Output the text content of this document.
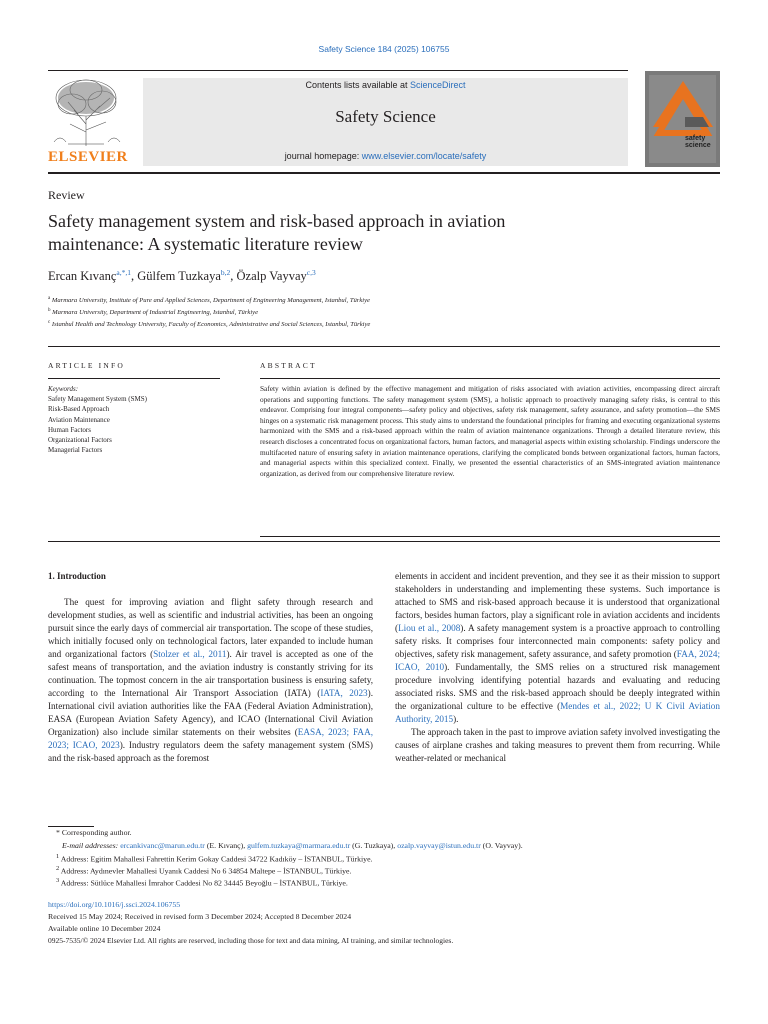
Safety Science 184 (2025) 106755
ELSEVIER
Contents lists available at ScienceDirect
Safety Science
journal homepage: www.elsevier.com/locate/safety
safety science
Review
Safety management system and risk-based approach in aviation
maintenance: A systematic literature review
Ercan Kıvanç$^{a,*,1}$, Gülfem Tuzkaya$^{b,2}$, Özalp Vayvay$^{c,3}$
$^a$ Marmara University, Institute of Pure and Applied Sciences, Department of Engineering Management, Istanbul, Türkiye
$^b$ Marmara University, Department of Industrial Engineering, Istanbul, Türkiye
$^c$ Istanbul Health and Technology University, Faculty of Economics, Administrative and Social Sciences, Istanbul, Türkiye
ARTICLE INFO	ABSTRACT
Keywords:
Safety Management System (SMS)
Risk-Based Approach
Aviation Maintenance
Human Factors
Organizational Factors
Managerial Factors
Safety within aviation is defined by the effective management and mitigation of risks associated with aviation activities, encompassing direct aircraft operations and supporting functions. The safety management system (SMS), a holistic approach to proactively managing safety risks, is central to this endeavor. Comprising four integral components—safety policy and objectives, safety risk management, safety assurance, and safety promotion—the SMS hinges on a systematic risk management process. This study aims to understand the foundational principles for framing and executing organizational systems harmonized with the SMS and a risk-based approach within the realm of aviation maintenance organizations. Through a detailed literature review, this research discloses a concentrated focus on organizational factors, human factors, and managerial aspects within existing scholarship. Findings underscore the multifaceted nature of ensuring safety in aviation maintenance operations, clarifying the complicated bonds between organizational factors, human factors, and managerial aspects within this specialized context. Finally, we presented the essential characteristics of an SMS-integrated aviation maintenance organization, as derived from our comprehensive literature review.

1. Introduction

The quest for improving aviation and flight safety through research and development studies, as well as scientific and industrial activities, has been an ongoing pursuit since the early days of commercial air transportation. The scope of these studies, which initially focused only on technological factors, later expanded to include human and organizational factors (Stolzer et al., 2011). Air travel is accepted as one of the safest means of transportation, and the aviation industry is constantly striving for its continuation. The topmost concern in the air transportation business is ensuring safety, according to the International Air Transport Association (IATA) (IATA, 2023). International civil aviation authorities like the FAA (Federal Aviation Administration), EASA (European Aviation Safety Agency), and ICAO (International Civil Aviation Organization) also include similar statements on their websites (EASA, 2023; FAA, 2023; ICAO, 2023). Industry regulators deem the safety management system (SMS) and the risk-based approach as the foremost

elements in accident and incident prevention, and they see it as their mission to support stakeholders in understanding and implementing these systems. Such importance is attached to SMS and risk-based approach because it is understood that organizational factors, besides human factors, play a significant role in aviation accidents and incidents (Liou et al., 2008). A safety management system is a proactive approach to controlling safety risks. It comprises four interconnected main components: safety policy and objectives, safety risk management, safety assurance, and safety promotion (FAA, 2024; ICAO, 2010). Fundamentally, the SMS relies on a structured risk management procedure involving identifying potential hazards and evaluating and reducing associated risks. SMS and the risk-based approach should be deeply integrated within the organizational culture to be effective (Mendes et al., 2022; U K Civil Aviation Authority, 2015).

The approach taken in the past to improve aviation safety involved investigating the causes of airplane crashes and taking measures to prevent them from recurring. While weather-related or mechanical

* Corresponding author.
E-mail addresses: ercankivanc@marun.edu.tr (E. Kıvanç), gulfem.tuzkaya@marmara.edu.tr (G. Tuzkaya), ozalp.vayvay@istun.edu.tr (O. Vayvay).
$^1$ Address: Egitim Mahallesi Fahrettin Kerim Gokay Caddesi 34722 Kadıköy – İSTANBUL, Türkiye.
$^2$ Address: Aydınevler Mahallesi Uyanık Caddesi No 6 34854 Maltepe – İSTANBUL, Türkiye.
$^3$ Address: Sütlüce Mahallesi İmrahor Caddesi No 82 34445 Beyoğlu – İSTANBUL, Türkiye.
https://doi.org/10.1016/j.ssci.2024.106755
Received 15 May 2024; Received in revised form 3 December 2024; Accepted 8 December 2024
Available online 10 December 2024
0925-7535/© 2024 Elsevier Ltd. All rights are reserved, including those for text and data mining, AI training, and similar technologies.
